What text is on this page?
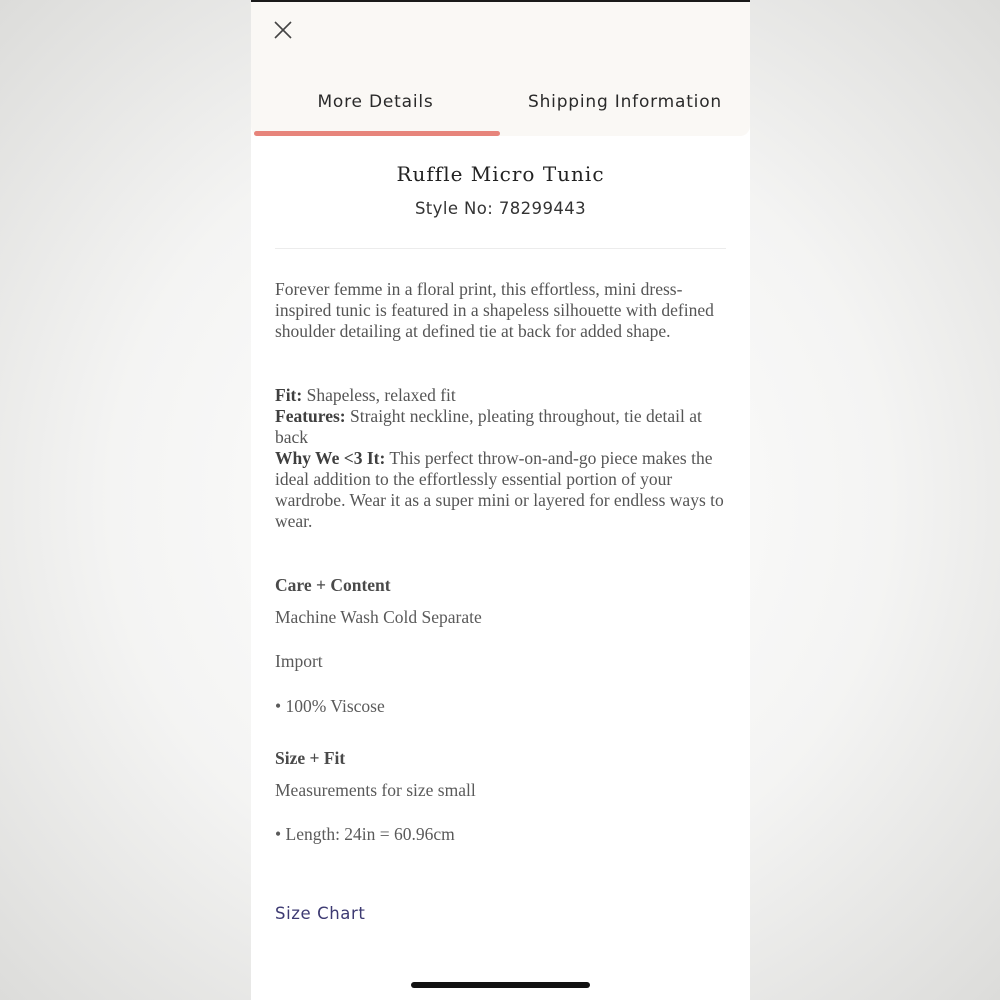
More Details	Shipping Information
Ruffle Micro Tunic
Style No: 78299443
Forever femme in a floral print, this effortless, mini dress-inspired tunic is featured in a shapeless silhouette with defined shoulder detailing at defined tie at back for added shape.
Fit: Shapeless, relaxed fit
Features: Straight neckline, pleating throughout, tie detail at back
Why We <3 It: This perfect throw-on-and-go piece makes the ideal addition to the effortlessly essential portion of your wardrobe. Wear it as a super mini or layered for endless ways to wear.
Care + Content
Machine Wash Cold Separate
Import
• 100% Viscose
Size + Fit
Measurements for size small
• Length: 24in = 60.96cm
Size Chart
